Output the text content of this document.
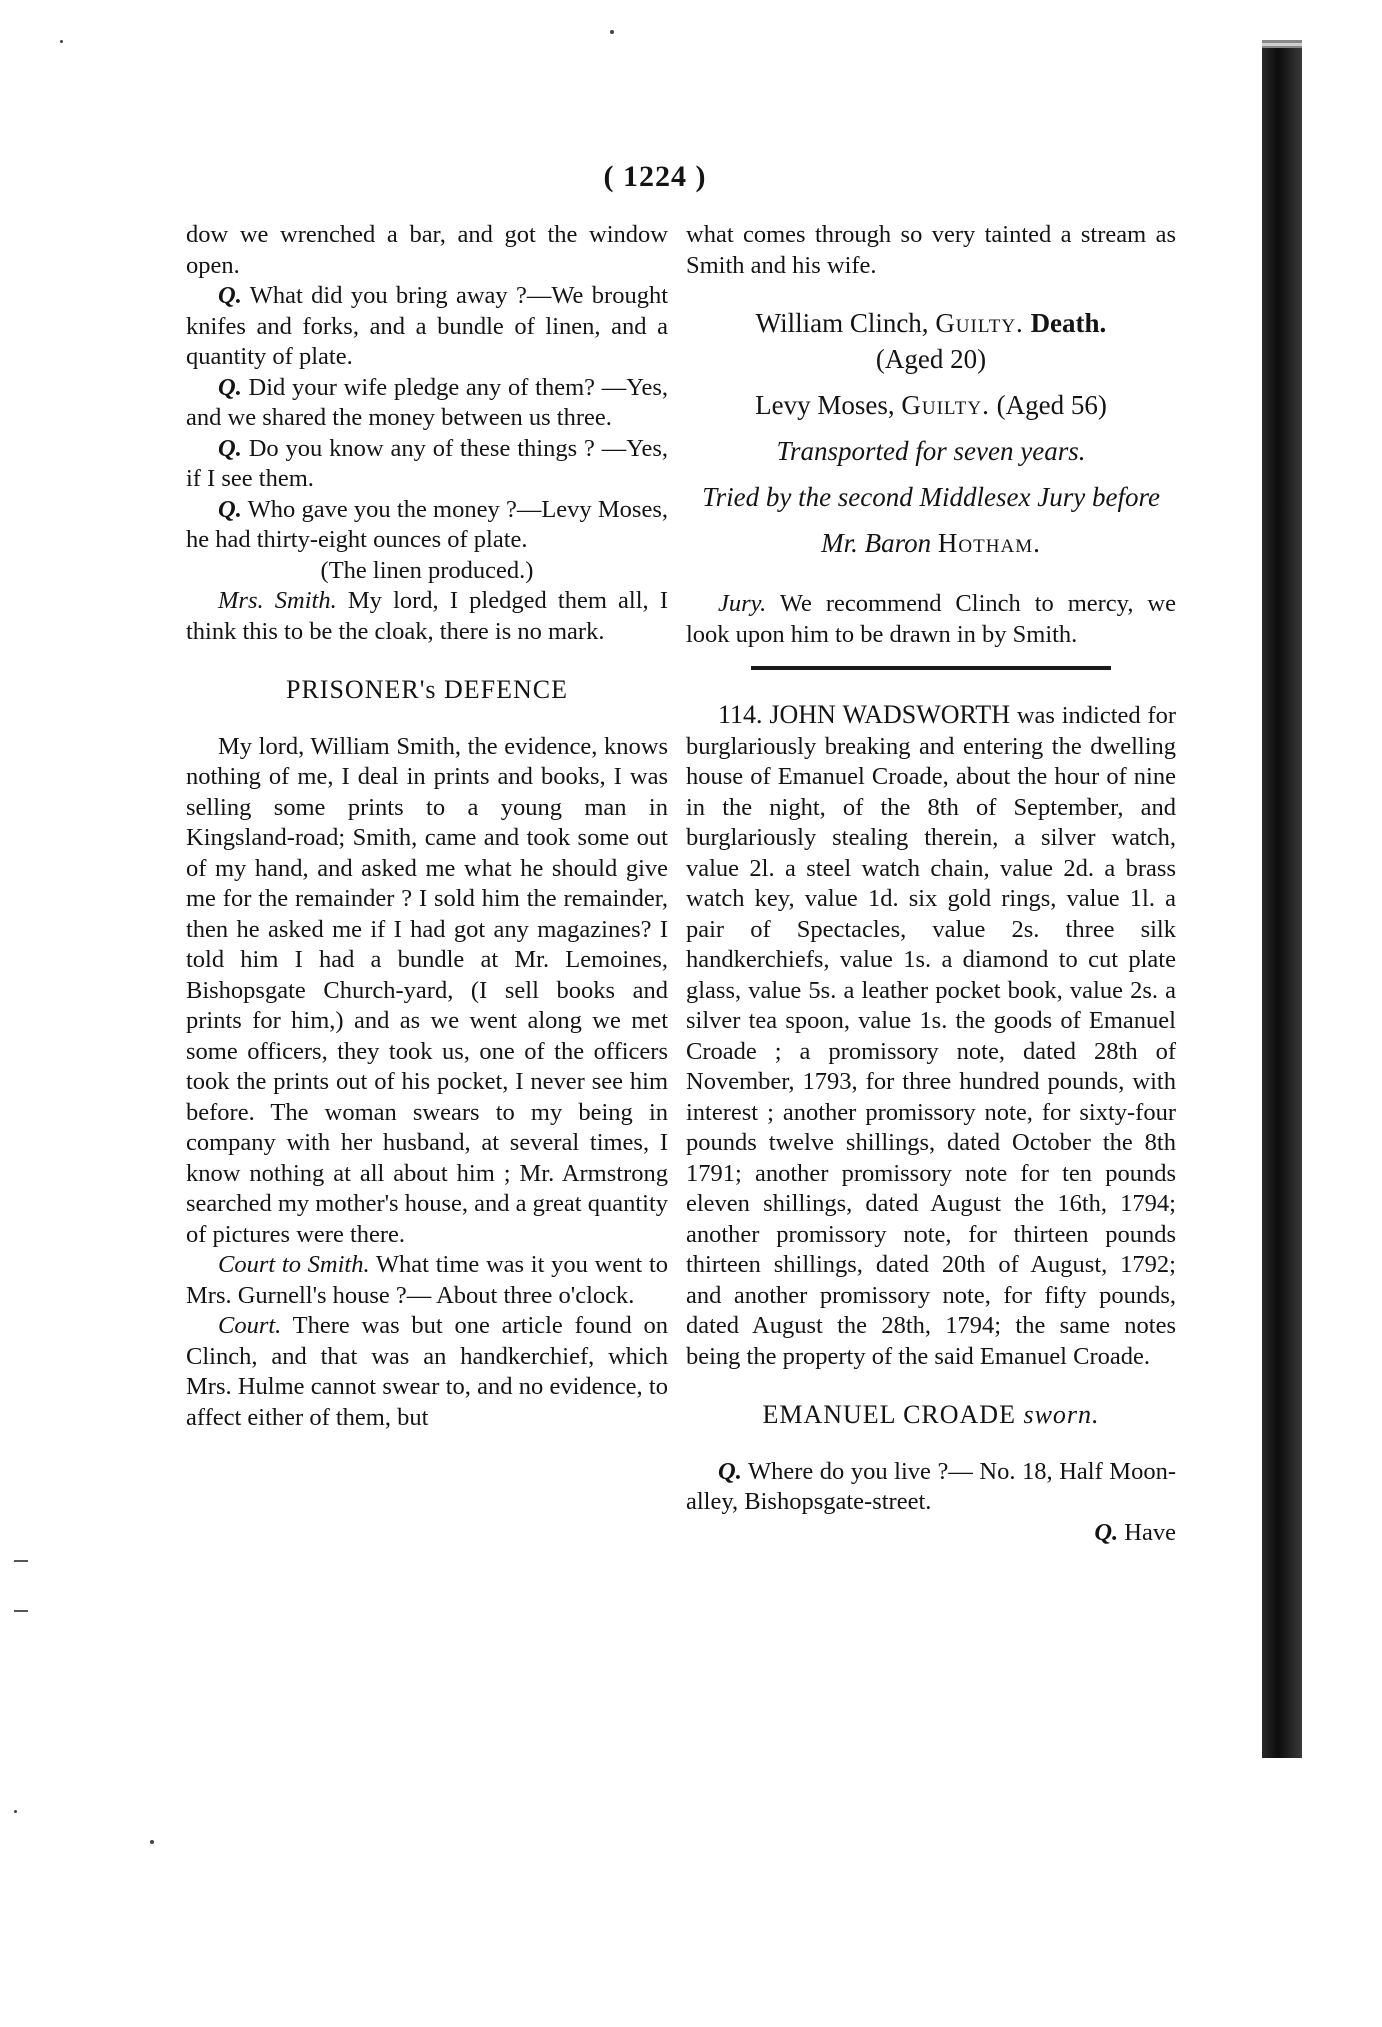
( 1224 )

dow we wrenched a bar, and got the window open.

Q. What did you bring away ?—We brought knifes and forks, and a bundle of linen, and a quantity of plate.

Q. Did your wife pledge any of them? —Yes, and we shared the money between us three.

Q. Do you know any of these things ? —Yes, if I see them.

Q. Who gave you the money ?—Levy Moses, he had thirty-eight ounces of plate.

(The linen produced.)

Mrs. Smith. My lord, I pledged them all, I think this to be the cloak, there is no mark.

PRISONER's DEFENCE

My lord, William Smith, the evidence, knows nothing of me, I deal in prints and books, I was selling some prints to a young man in Kingsland-road; Smith, came and took some out of my hand, and asked me what he should give me for the remainder ? I sold him the remainder, then he asked me if I had got any magazines? I told him I had a bundle at Mr. Lemoines, Bishopsgate Church-yard, (I sell books and prints for him,) and as we went along we met some officers, they took us, one of the officers took the prints out of his pocket, I never see him before. The woman swears to my being in company with her husband, at several times, I know nothing at all about him ; Mr. Armstrong searched my mother's house, and a great quantity of pictures were there.

Court to Smith. What time was it you went to Mrs. Gurnell's house ?— About three o'clock.

Court. There was but one article found on Clinch, and that was an handkerchief, which Mrs. Hulme cannot swear to, and no evidence, to affect either of them, but

what comes through so very tainted a stream as Smith and his wife.

William Clinch, Guilty. Death.
(Aged 20)

Levy Moses, Guilty. (Aged 56)

Transported for seven years.

Tried by the second Middlesex Jury before

Mr. Baron Hotham.

Jury. We recommend Clinch to mercy, we look upon him to be drawn in by Smith.

114. JOHN WADSWORTH was indicted for burglariously breaking and entering the dwelling house of Emanuel Croade, about the hour of nine in the night, of the 8th of September, and burglariously stealing therein, a silver watch, value 2l. a steel watch chain, value 2d. a brass watch key, value 1d. six gold rings, value 1l. a pair of Spectacles, value 2s. three silk handkerchiefs, value 1s. a diamond to cut plate glass, value 5s. a leather pocket book, value 2s. a silver tea spoon, value 1s. the goods of Emanuel Croade ; a promissory note, dated 28th of November, 1793, for three hundred pounds, with interest ; another promissory note, for sixty-four pounds twelve shillings, dated October the 8th 1791; another promissory note for ten pounds eleven shillings, dated August the 16th, 1794; another promissory note, for thirteen pounds thirteen shillings, dated 20th of August, 1792; and another promissory note, for fifty pounds, dated August the 28th, 1794; the same notes being the property of the said Emanuel Croade.

EMANUEL CROADE sworn.

Q. Where do you live ?— No. 18, Half Moon-alley, Bishopsgate-street.

Q. Have
